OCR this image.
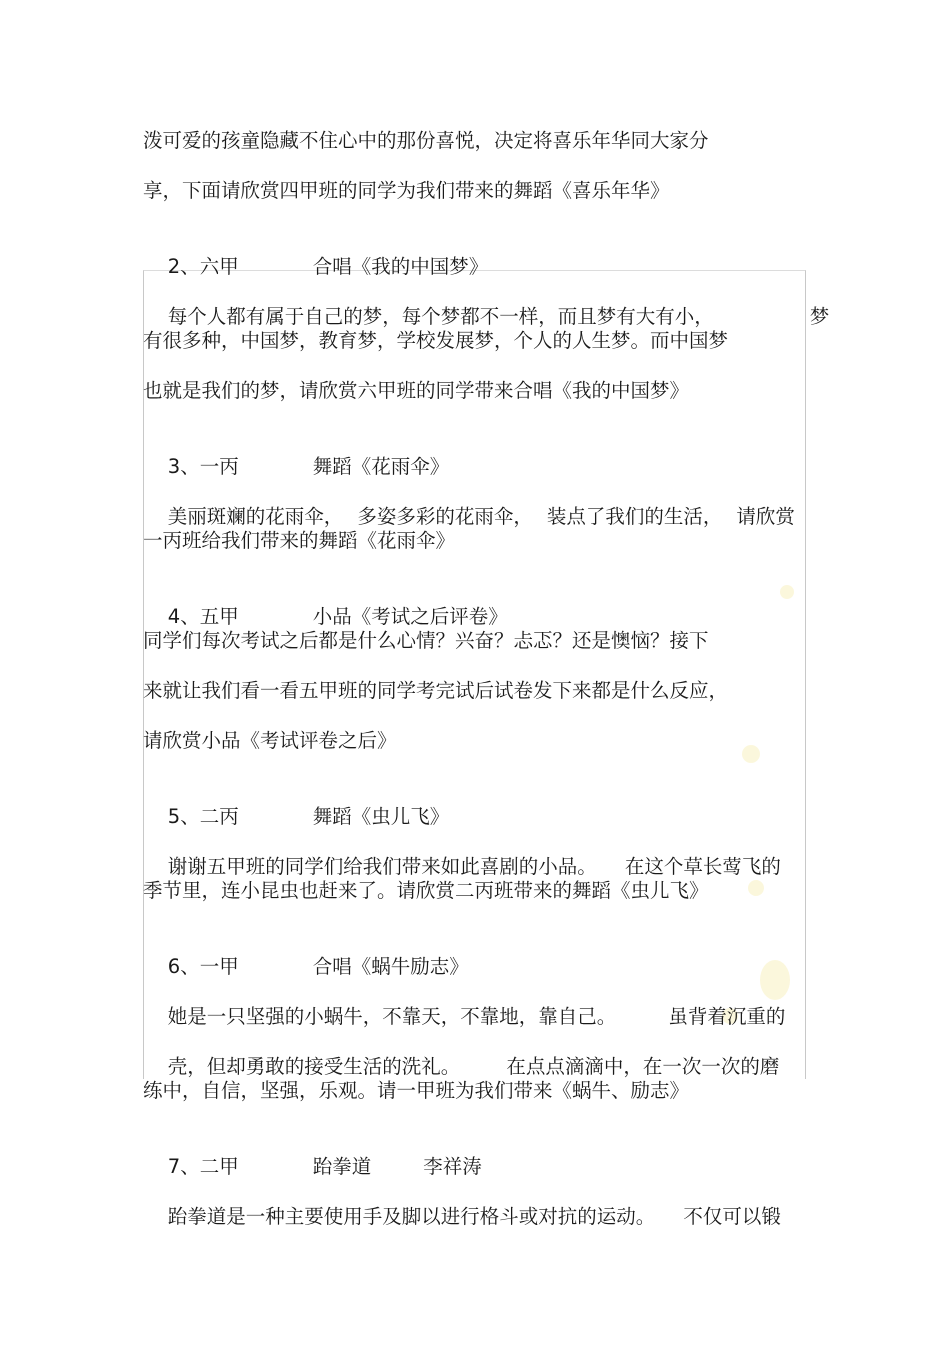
泼可爱的孩童隐藏不住心中的那份喜悦，决定将喜乐年华同大家分
享，下面请欣赏四甲班的同学为我们带来的舞蹈《喜乐年华》

2、六甲	合唱《我的中国梦》

每个人都有属于自己的梦，每个梦都不一样，而且梦有大有小，
	梦

有很多种，中国梦，教育梦，学校发展梦，个人的人生梦。而中国梦
也就是我们的梦，请欣赏六甲班的同学带来合唱《我的中国梦》

3、一丙	舞蹈《花雨伞》

美丽斑斓的花雨伞， 多姿多彩的花雨伞， 装点了我们的生活， 请欣赏

一丙班给我们带来的舞蹈《花雨伞》

4、五甲	小品《考试之后评卷》

同学们每次考试之后都是什么心情？兴奋？忐忑？还是懊恼？接下
来就让我们看一看五甲班的同学考完试后试卷发下来都是什么反应，
请欣赏小品《考试评卷之后》

5、二丙	舞蹈《虫儿飞》

谢谢五甲班的同学们给我们带来如此喜剧的小品。 在这个草长莺飞的

季节里，连小昆虫也赶来了。请欣赏二丙班带来的舞蹈《虫儿飞》

6、一甲	合唱《蜗牛励志》

她是一只坚强的小蜗牛，不靠天，不靠地，靠自己。	虽背着沉重的

壳，但却勇敢的接受生活的洗礼。 在点点滴滴中，在一次一次的磨

练中，自信，坚强，乐观。请一甲班为我们带来《蜗牛、励志》

7、二甲	跆拳道	李祥涛

跆拳道是一种主要使用手及脚以进行格斗或对抗的运动。 不仅可以锻
